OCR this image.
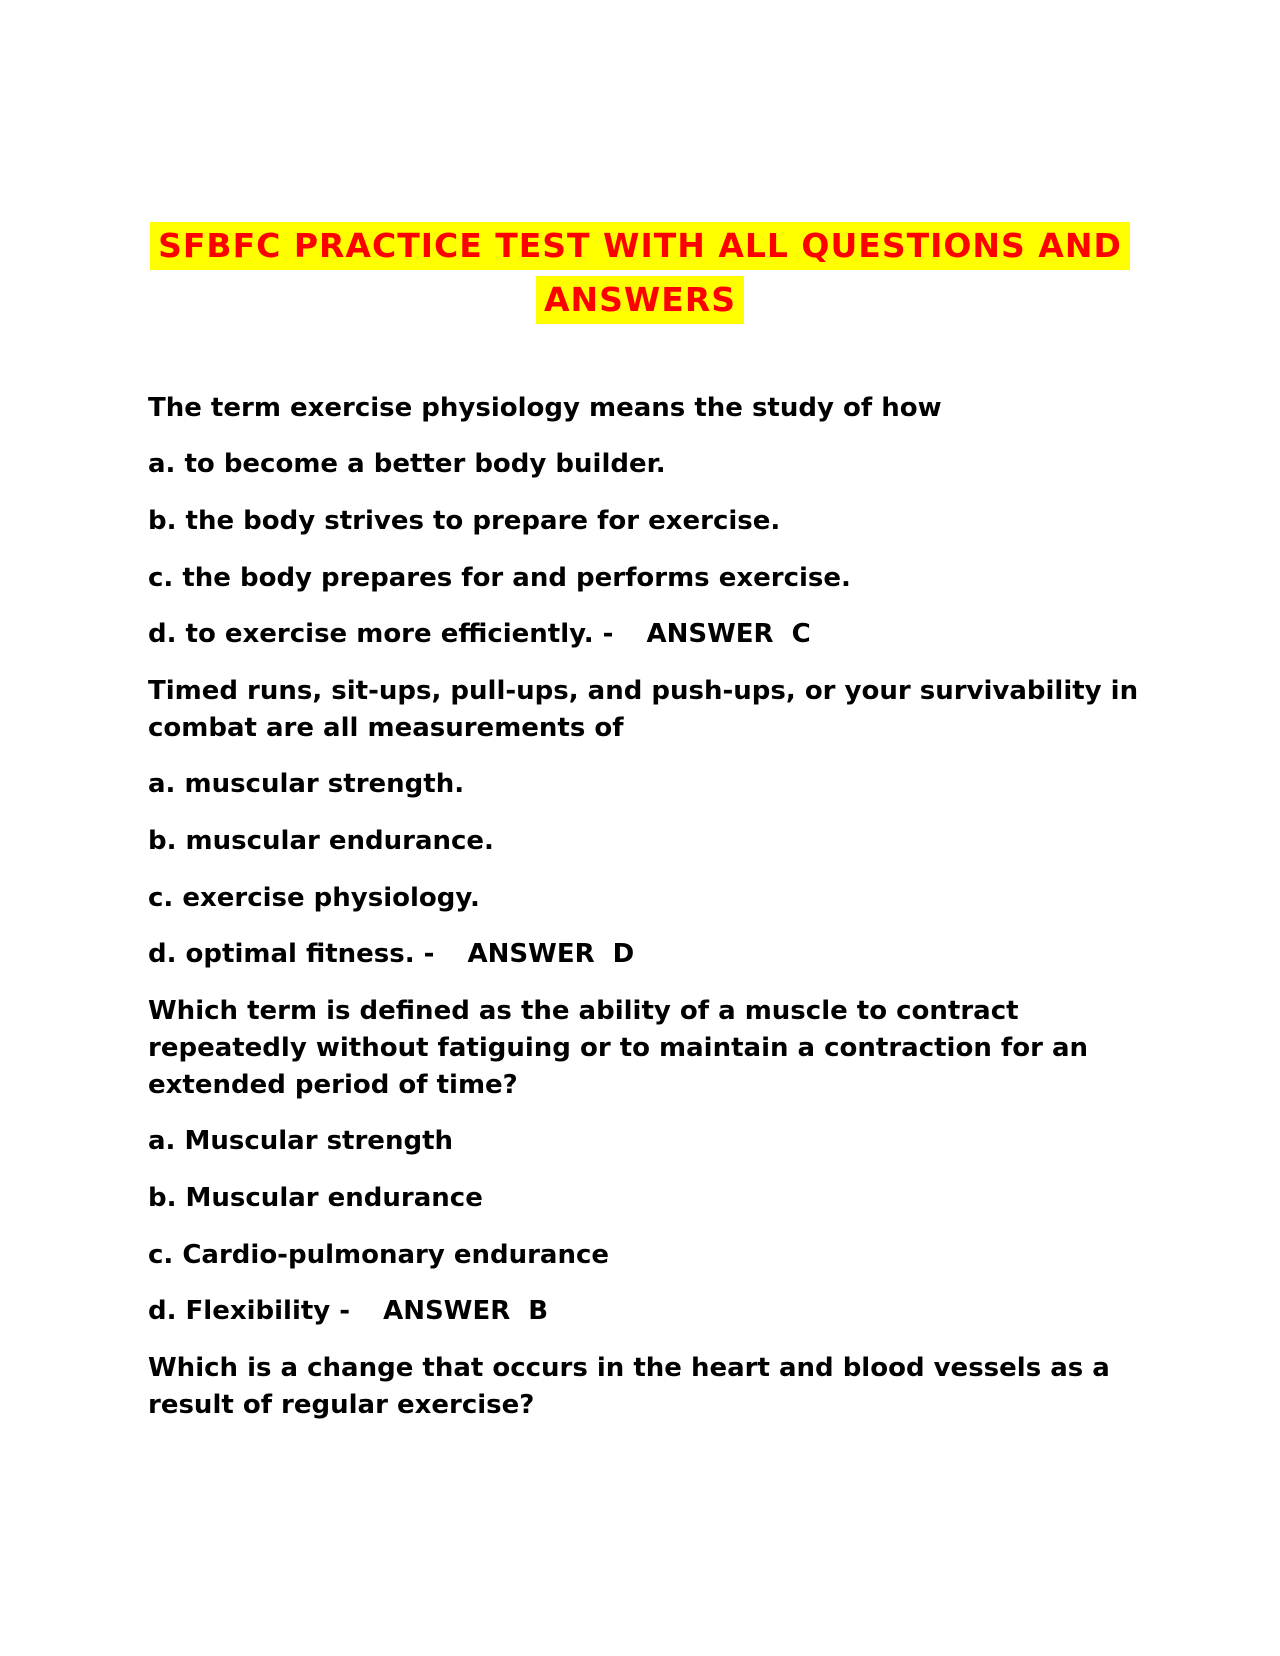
SFBFC PRACTICE TEST WITH ALL QUESTIONS AND
ANSWERS
The term exercise physiology means the study of how
a. to become a better body builder.
b. the body strives to prepare for exercise.
c. the body prepares for and performs exercise.
d. to exercise more efficiently. - ANSWER C
Timed runs, sit-ups, pull-ups, and push-ups, or your survivability in
combat are all measurements of
a. muscular strength.
b. muscular endurance.
c. exercise physiology.
d. optimal fitness. - ANSWER D
Which term is defined as the ability of a muscle to contract
repeatedly without fatiguing or to maintain a contraction for an
extended period of time?
a. Muscular strength
b. Muscular endurance
c. Cardio-pulmonary endurance
d. Flexibility - ANSWER B
Which is a change that occurs in the heart and blood vessels as a
result of regular exercise?
